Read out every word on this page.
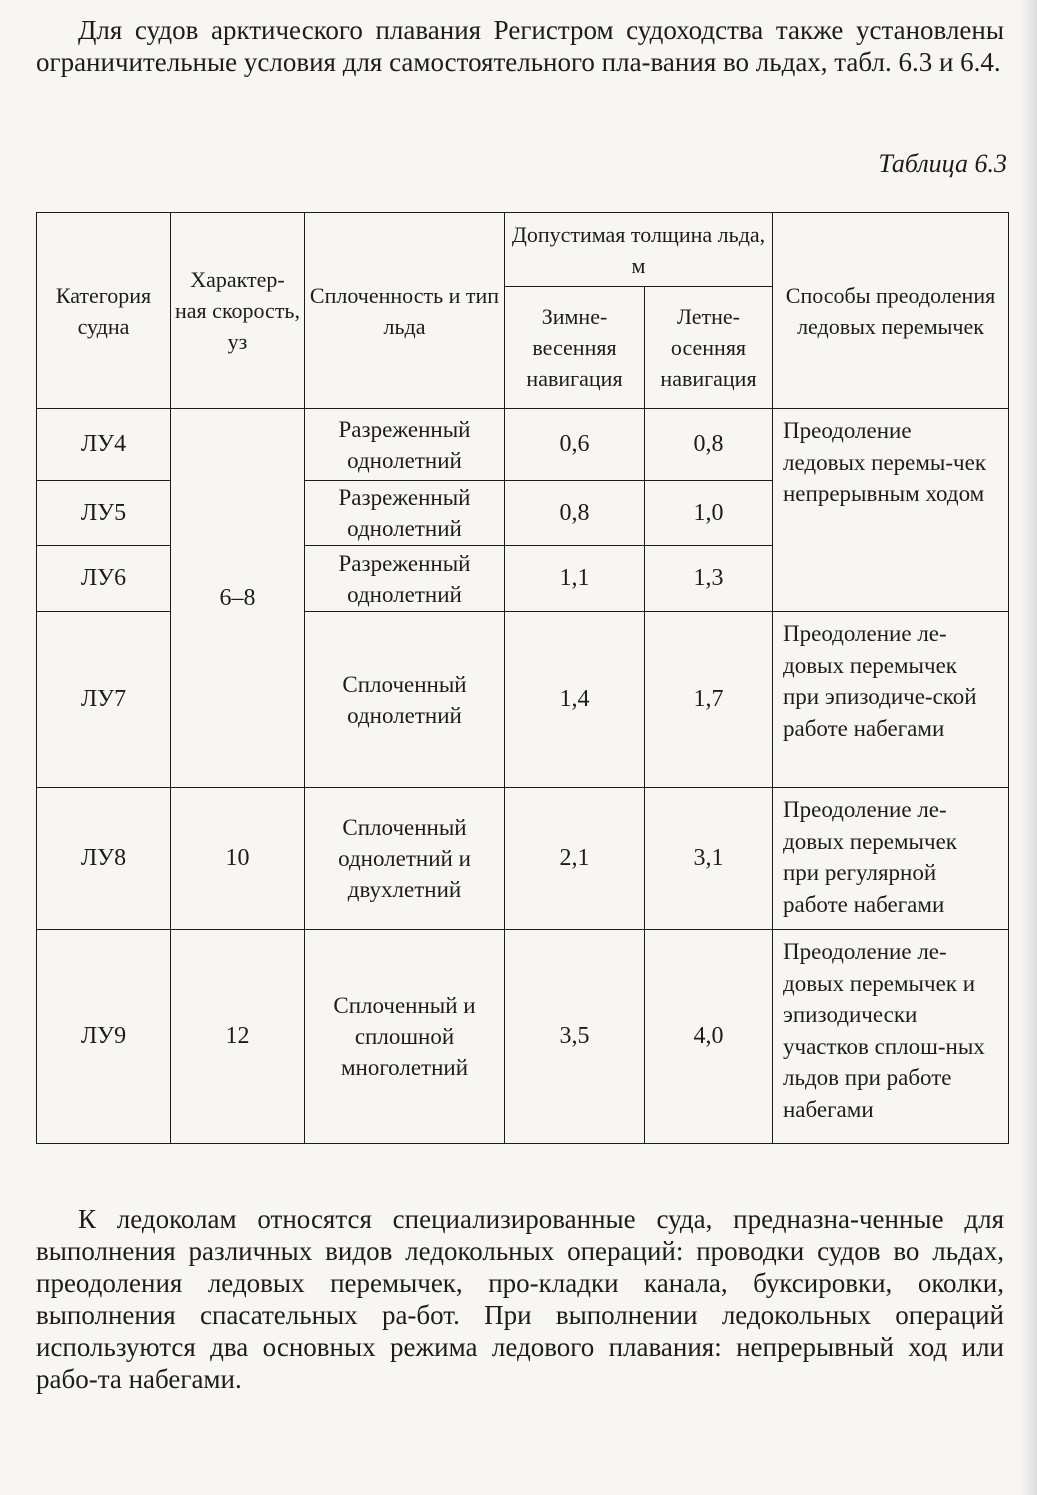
Для судов арктического плавания Регистром судоходства также установлены ограничительные условия для самостоятельного пла-вания во льдах, табл. 6.3 и 6.4.

Таблица 6.3

Категория судна	Характер-ная скорость, уз	Сплоченность и тип льда	Допустимая толщина льда, м		Способы преодоления ледовых перемычек
			Зимне-весенняя навигация	Летне-осенняя навигация	
ЛУ4	6–8	Разреженный однолетний	0,6	0,8	Преодоление ледовых перемы-чек непрерывным ходом
ЛУ5		Разреженный однолетний	0,8	1,0	
ЛУ6		Разреженный однолетний	1,1	1,3	
ЛУ7		Сплоченный однолетний	1,4	1,7	Преодоление ле-довых перемычек при эпизодиче-ской работе набегами
ЛУ8	10	Сплоченный однолетний и двухлетний	2,1	3,1	Преодоление ле-довых перемычек при регулярной работе набегами
ЛУ9	12	Сплоченный и сплошной многолетний	3,5	4,0	Преодоление ле-довых перемычек и эпизодически участков сплош-ных льдов при работе набегами

К ледоколам относятся специализированные суда, предназна-ченные для выполнения различных видов ледокольных операций: проводки судов во льдах, преодоления ледовых перемычек, про-кладки канала, буксировки, околки, выполнения спасательных ра-бот. При выполнении ледокольных операций используются два основных режима ледового плавания: непрерывный ход или рабо-та набегами.
